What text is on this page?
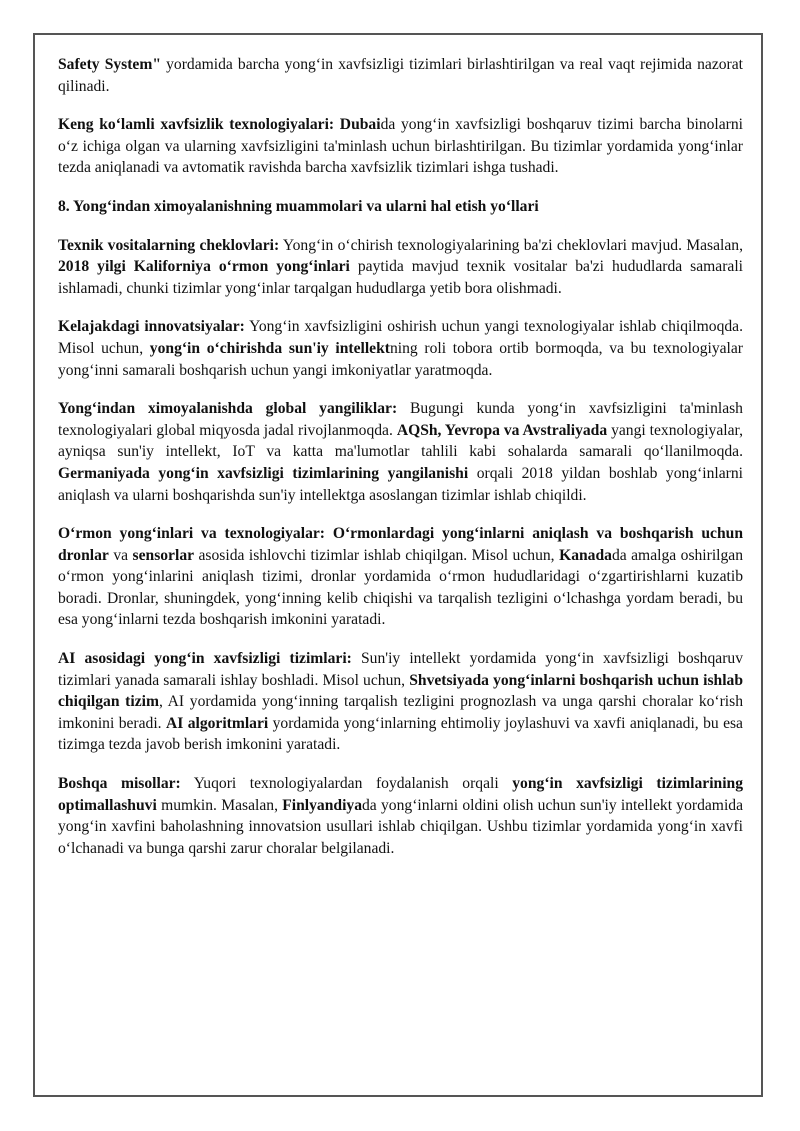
Safety System" yordamida barcha yong‘in xavfsizligi tizimlari birlashtirilgan va real vaqt rejimida nazorat qilinadi.

Keng ko‘lamli xavfsizlik texnologiyalari: Dubaida yong‘in xavfsizligi boshqaruv tizimi barcha binolarni o‘z ichiga olgan va ularning xavfsizligini ta'minlash uchun birlashtirilgan. Bu tizimlar yordamida yong‘inlar tezda aniqlanadi va avtomatik ravishda barcha xavfsizlik tizimlari ishga tushadi.

8. Yong‘indan ximoyalanishning muammolari va ularni hal etish yo‘llari

Texnik vositalarning cheklovlari: Yong‘in o‘chirish texnologiyalarining ba'zi cheklovlari mavjud. Masalan, 2018 yilgi Kaliforniya o‘rmon yong‘inlari paytida mavjud texnik vositalar ba'zi hududlarda samarali ishlamadi, chunki tizimlar yong‘inlar tarqalgan hududlarga yetib bora olishmadi.

Kelajakdagi innovatsiyalar: Yong‘in xavfsizligini oshirish uchun yangi texnologiyalar ishlab chiqilmoqda. Misol uchun, yong‘in o‘chirishda sun'iy intellektning roli tobora ortib bormoqda, va bu texnologiyalar yong‘inni samarali boshqarish uchun yangi imkoniyatlar yaratmoqda.

Yong‘indan ximoyalanishda global yangiliklar: Bugungi kunda yong‘in xavfsizligini ta'minlash texnologiyalari global miqyosda jadal rivojlanmoqda. AQSh, Yevropa va Avstraliyada yangi texnologiyalar, ayniqsa sun'iy intellekt, IoT va katta ma'lumotlar tahlili kabi sohalarda samarali qo‘llanilmoqda. Germaniyada yong‘in xavfsizligi tizimlarining yangilanishi orqali 2018 yildan boshlab yong‘inlarni aniqlash va ularni boshqarishda sun'iy intellektga asoslangan tizimlar ishlab chiqildi.

O‘rmon yong‘inlari va texnologiyalar: O‘rmonlardagi yong‘inlarni aniqlash va boshqarish uchun dronlar va sensorlar asosida ishlovchi tizimlar ishlab chiqilgan. Misol uchun, Kanadada amalga oshirilgan o‘rmon yong‘inlarini aniqlash tizimi, dronlar yordamida o‘rmon hududlaridagi o‘zgartirishlarni kuzatib boradi. Dronlar, shuningdek, yong‘inning kelib chiqishi va tarqalish tezligini o‘lchashga yordam beradi, bu esa yong‘inlarni tezda boshqarish imkonini yaratadi.

AI asosidagi yong‘in xavfsizligi tizimlari: Sun'iy intellekt yordamida yong‘in xavfsizligi boshqaruv tizimlari yanada samarali ishlay boshladi. Misol uchun, Shvetsiyada yong‘inlarni boshqarish uchun ishlab chiqilgan tizim, AI yordamida yong‘inning tarqalish tezligini prognozlash va unga qarshi choralar ko‘rish imkonini beradi. AI algoritmlari yordamida yong‘inlarning ehtimoliy joylashuvi va xavfi aniqlanadi, bu esa tizimga tezda javob berish imkonini yaratadi.

Boshqa misollar: Yuqori texnologiyalardan foydalanish orqali yong‘in xavfsizligi tizimlarining optimallashuvi mumkin. Masalan, Finlyandiyada yong‘inlarni oldini olish uchun sun'iy intellekt yordamida yong‘in xavfini baholashning innovatsion usullari ishlab chiqilgan. Ushbu tizimlar yordamida yong‘in xavfi o‘lchanadi va bunga qarshi zarur choralar belgilanadi.
